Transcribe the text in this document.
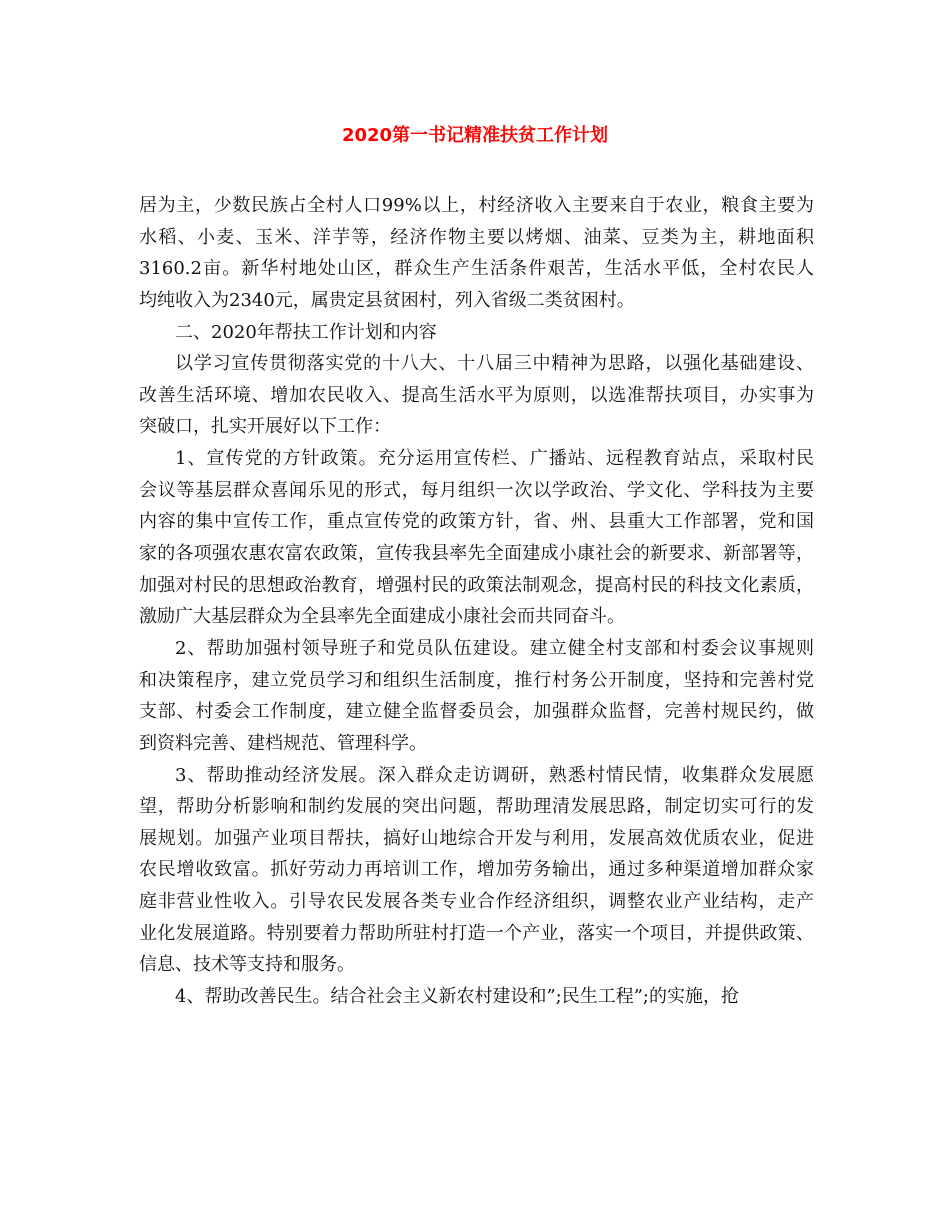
2020第一书记精准扶贫工作计划
居为主，少数民族占全村人口99%以上，村经济收入主要来自于农业，粮食主要为
水稻、小麦、玉米、洋芋等，经济作物主要以烤烟、油菜、豆类为主，耕地面积
3160.2亩。新华村地处山区，群众生产生活条件艰苦，生活水平低，全村农民人
均纯收入为2340元，属贵定县贫困村，列入省级二类贫困村。
二、2020年帮扶工作计划和内容
以学习宣传贯彻落实党的十八大、十八届三中精神为思路，以强化基础建设、
改善生活环境、增加农民收入、提高生活水平为原则，以选准帮扶项目，办实事为
突破口，扎实开展好以下工作：
1、宣传党的方针政策。充分运用宣传栏、广播站、远程教育站点，采取村民
会议等基层群众喜闻乐见的形式，每月组织一次以学政治、学文化、学科技为主要
内容的集中宣传工作，重点宣传党的政策方针，省、州、县重大工作部署，党和国
家的各项强农惠农富农政策，宣传我县率先全面建成小康社会的新要求、新部署等，
加强对村民的思想政治教育，增强村民的政策法制观念，提高村民的科技文化素质，
激励广大基层群众为全县率先全面建成小康社会而共同奋斗。
2、帮助加强村领导班子和党员队伍建设。建立健全村支部和村委会议事规则
和决策程序，建立党员学习和组织生活制度，推行村务公开制度，坚持和完善村党
支部、村委会工作制度，建立健全监督委员会，加强群众监督，完善村规民约，做
到资料完善、建档规范、管理科学。
3、帮助推动经济发展。深入群众走访调研，熟悉村情民情，收集群众发展愿
望，帮助分析影响和制约发展的突出问题，帮助理清发展思路，制定切实可行的发
展规划。加强产业项目帮扶，搞好山地综合开发与利用，发展高效优质农业，促进
农民增收致富。抓好劳动力再培训工作，增加劳务输出，通过多种渠道增加群众家
庭非营业性收入。引导农民发展各类专业合作经济组织，调整农业产业结构，走产
业化发展道路。特别要着力帮助所驻村打造一个产业，落实一个项目，并提供政策、
信息、技术等支持和服务。
4、帮助改善民生。结合社会主义新农村建设和”;民生工程”;的实施，抢
